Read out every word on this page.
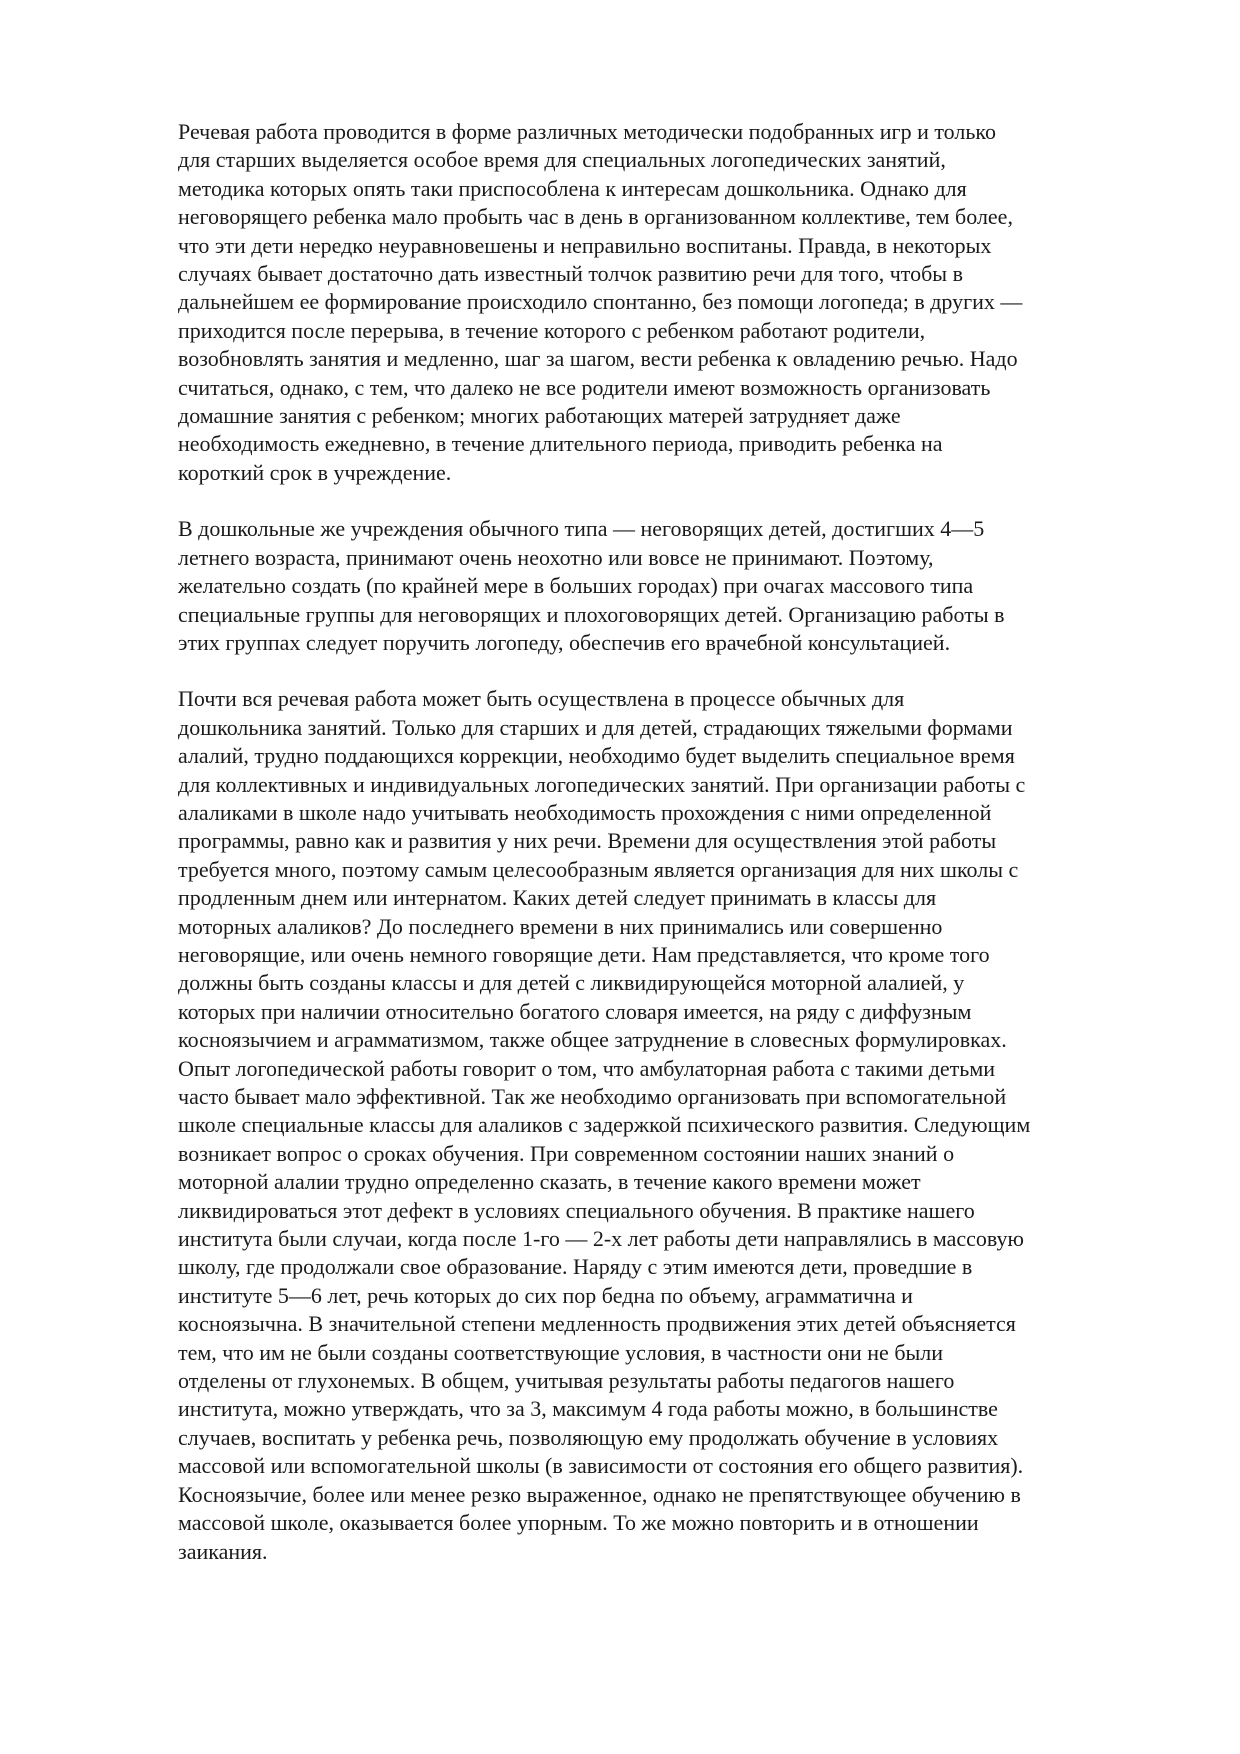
Речевая работа проводится в форме различных методически подобранных игр и только
для старших выделяется особое время для специальных логопедических занятий,
методика которых опять таки приспособлена к интересам дошкольника. Однако для
неговорящего ребенка мало пробыть час в день в организованном коллективе, тем более,
что эти дети нередко неуравновешены и неправильно воспитаны. Правда, в некоторых
случаях бывает достаточно дать известный толчок развитию речи для того, чтобы в
дальнейшем ее формирование происходило спонтанно, без помощи логопеда; в других —
приходится после перерыва, в течение которого с ребенком работают родители,
возобновлять занятия и медленно, шаг за шагом, вести ребенка к овладению речью. Надо
считаться, однако, с тем, что далеко не все родители имеют возможность организовать
домашние занятия с ребенком; многих работающих матерей затрудняет даже
необходимость ежедневно, в течение длительного периода, приводить ребенка на
короткий срок в учреждение.

В дошкольные же учреждения обычного типа — неговорящих детей, достигших 4—5
летнего возраста, принимают очень неохотно или вовсе не принимают. Поэтому,
желательно создать (по крайней мере в больших городах) при очагах массового типа
специальные группы для неговорящих и плохоговорящих детей. Организацию работы в
этих группах следует поручить логопеду, обеспечив его врачебной консультацией.

Почти вся речевая работа может быть осуществлена в процессе обычных для
дошкольника занятий. Только для старших и для детей, страдающих тяжелыми формами
алалий, трудно поддающихся коррекции, необходимо будет выделить специальное время
для коллективных и индивидуальных логопедических занятий. При организации работы с
алаликами в школе надо учитывать необходимость прохождения с ними определенной
программы, равно как и развития у них речи. Времени для осуществления этой работы
требуется много, поэтому самым целесообразным является организация для них школы с
продленным днем или интернатом. Каких детей следует принимать в классы для
моторных алаликов? До последнего времени в них принимались или совершенно
неговорящие, или очень немного говорящие дети. Нам представляется, что кроме того
должны быть созданы классы и для детей с ликвидирующейся моторной алалией, у
которых при наличии относительно богатого словаря имеется, на ряду с диффузным
косноязычием и аграмматизмом, также общее затруднение в словесных формулировках.
Опыт логопедической работы говорит о том, что амбулаторная работа с такими детьми
часто бывает мало эффективной. Так же необходимо организовать при вспомогательной
школе специальные классы для алаликов с задержкой психического развития. Следующим
возникает вопрос о сроках обучения. При современном состоянии наших знаний о
моторной алалии трудно определенно сказать, в течение какого времени может
ликвидироваться этот дефект в условиях специального обучения. В практике нашего
института были случаи, когда после 1-го — 2-х лет работы дети направлялись в массовую
школу, где продолжали свое образование. Наряду с этим имеются дети, проведшие в
институте 5—6 лет, речь которых до сих пор бедна по объему, аграмматична и
косноязычна. В значительной степени медленность продвижения этих детей объясняется
тем, что им не были созданы соответствующие условия, в частности они не были
отделены от глухонемых. В общем, учитывая результаты работы педагогов нашего
института, можно утверждать, что за 3, максимум 4 года работы можно, в большинстве
случаев, воспитать у ребенка речь, позволяющую ему продолжать обучение в условиях
массовой или вспомогательной школы (в зависимости от состояния его общего развития).
Косноязычие, более или менее резко выраженное, однако не препятствующее обучению в
массовой школе, оказывается более упорным. То же можно повторить и в отношении
заикания.
